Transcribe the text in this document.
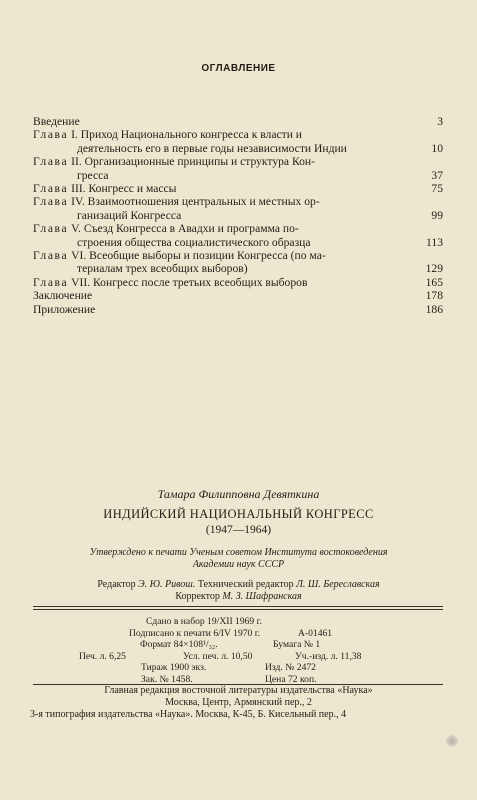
ОГЛАВЛЕНИЕ
Введение	3
Глава I. Приход Национального конгресса к власти и
деятельность его в первые годы независимости Индии	10
Глава II. Организационные принципы и структура Кон-
гресса	37
Глава III. Конгресс и массы	75
Глава IV. Взаимоотношения центральных и местных ор-
ганизаций Конгресса	99
Глава V. Съезд Конгресса в Авадхи и программа по-
строения общества социалистического образца	113
Глава VI. Всеобщие выборы и позиции Конгресса (по ма-
териалам трех всеобщих выборов)	129
Глава VII. Конгресс после третьих всеобщих выборов	165
Заключение	178
Приложение	186
Тамара Филипповна Девяткина
ИНДИЙСКИЙ НАЦИОНАЛЬНЫЙ КОНГРЕСС
(1947—1964)
Утверждено к печати Ученым советом Института востоковедения
Академии наук СССР
Редактор Э. Ю. Ривош. Технический редактор Л. Ш. Береславская
Корректор М. З. Шафранская
Сдано в набор 19/XII 1969 г.
Подписано к печати 6/IV 1970 г.	А-01461
Формат 84×108¹/₃₂.	Бумага № 1
Печ. л. 6,25	Усл. печ. л. 10,50	Уч.-изд. л. 11,38
Тираж 1900 экз.	Изд. № 2472
Зак. № 1458.	Цена 72 коп.
Главная редакция восточной литературы издательства «Наука»
Москва, Центр, Армянский пер., 2
3-я типография издательства «Наука». Москва, К-45, Б. Кисельный пер., 4
